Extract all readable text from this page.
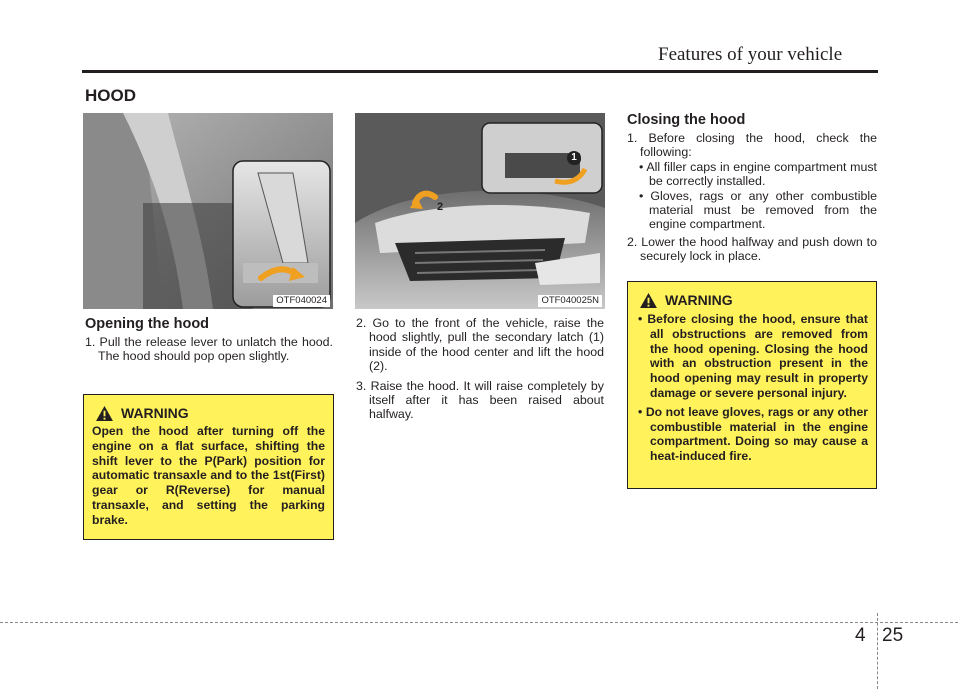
Features of your vehicle
HOOD
OTF040024
1
2
OTF040025N
Opening the hood

1. Pull the release lever to unlatch the hood. The hood should pop open slightly.

2. Go to the front of the vehicle, raise the hood slightly, pull the secondary latch (1) inside of the hood center and lift the hood (2).

3. Raise the hood. It will raise completely by itself after it has been raised about halfway.

WARNING

Open the hood after turning off the engine on a flat surface, shifting the shift lever to the P(Park) position for automatic transaxle and to the 1st(First) gear or R(Reverse) for manual transaxle, and setting the parking brake.

Closing the hood

1. Before closing the hood, check the following:

• All filler caps in engine compartment must be correctly installed.

• Gloves, rags or any other combustible material must be removed from the engine compartment.

2. Lower the hood halfway and push down to securely lock in place.

WARNING

• Before closing the hood, ensure that all obstructions are removed from the hood opening. Closing the hood with an obstruction present in the hood opening may result in property damage or severe personal injury.

• Do not leave gloves, rags or any other combustible material in the engine compartment. Doing so may cause a heat-induced fire.

4 25
